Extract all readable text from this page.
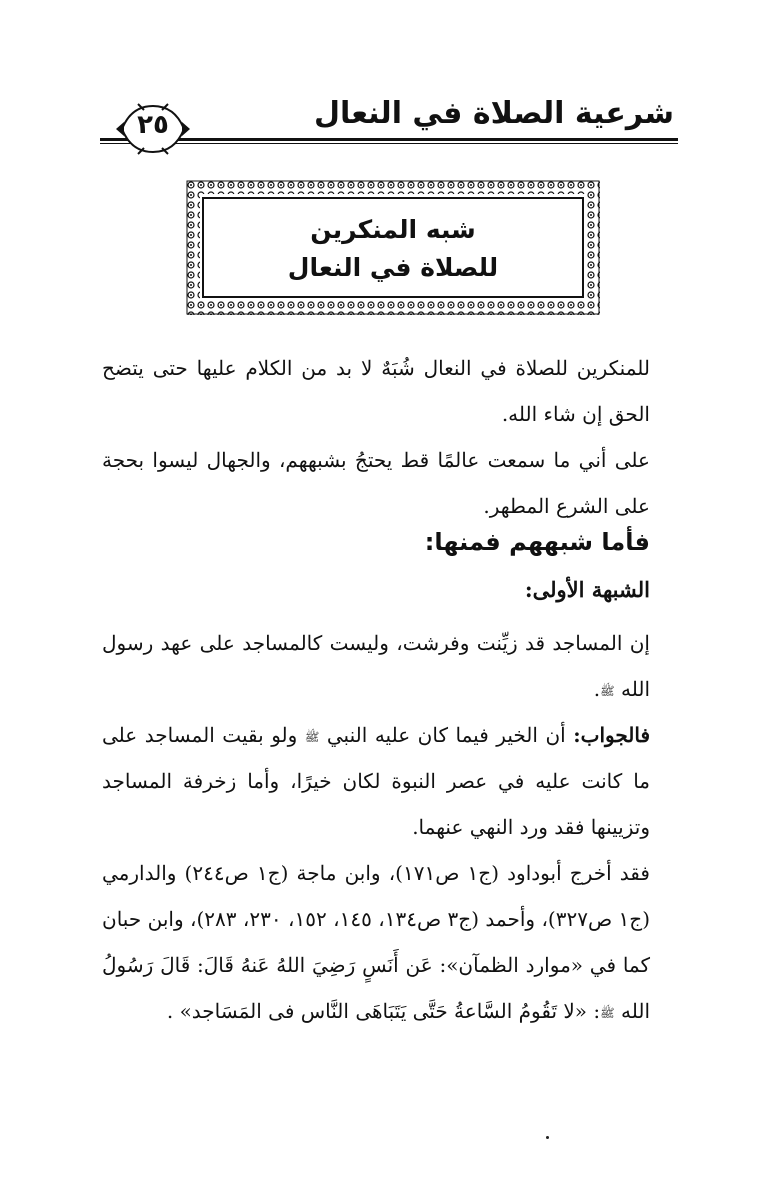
شرعية الصلاة في النعال
٢٥
شبه المنكرين
للصلاة في النعال

للمنكرين للصلاة في النعال شُبَهٌ لا بد من الكلام عليها حتى يتضح الحق إن شاء الله.

على أني ما سمعت عالمًا قط يحتجُ بشبههم، والجهال ليسوا بحجة على الشرع المطهر.

فأما شبههم فمنها:
الشبهة الأولى:

إن المساجد قد زيِّنت وفرشت، وليست كالمساجد على عهد رسول الله ﷺ.

فالجواب: أن الخير فيما كان عليه النبي ﷺ ولو بقيت المساجد على ما كانت عليه في عصر النبوة لكان خيرًا، وأما زخرفة المساجد وتزيينها فقد ورد النهي عنهما.

فقد أخرج أبوداود (ج١ ص١٧١)، وابن ماجة (ج١ ص٢٤٤) والدارمي (ج١ ص٣٢٧)، وأحمد (ج٣ ص١٣٤، ١٤٥، ١٥٢، ٢٣٠، ٢٨٣)، وابن حبان كما في «موارد الظمآن»: عَن أَنَسٍ رَضِيَ اللهُ عَنهُ قَالَ: قَالَ رَسُولُ الله ﷺ: «لا تَقُومُ السَّاعةُ حَتَّى يَتَبَاهَى النَّاس فى المَسَاجد» .
